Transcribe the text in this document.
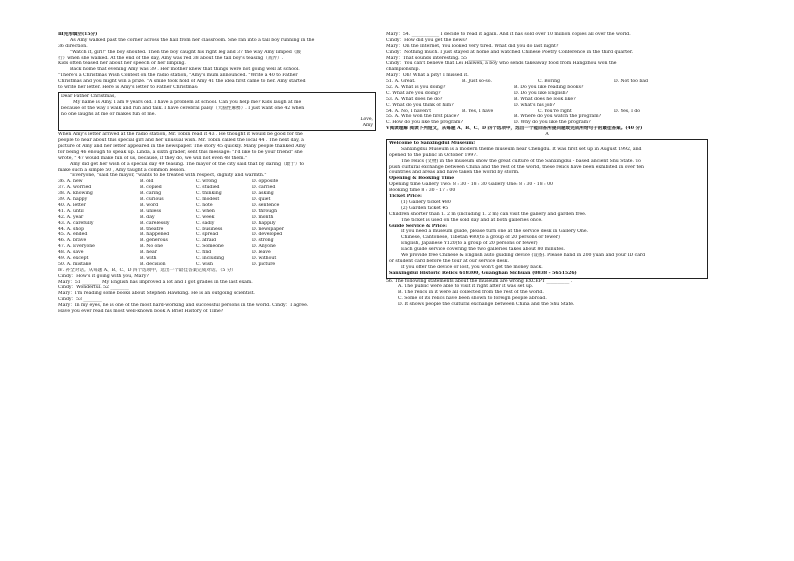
Ⅲ完形填空(15分)
As Amy walked past the corner across the hall from her classroom. She ran into a tall boy running in the
36 direction.
"Watch it, girl!" the boy shouted. Then the boy caught his right leg and 37 the way Amy limped（跛
行）when she walked. At the end of the day, Amy was red 38 about the tall boy's teasing（戏弄）.
Kids often teased her about her speech or her limping.
Back home that evening Amy was 39 . Her mother knew that things were not going well at school.
"There's a Christmas Wish Contest on the radio station, "Amy's mum announced. "Write a 40 to Father
Christmas and you might win a prize. "A smile took hold of Amy 41 the idea first came to her. Amy started
to write her letter. Here is Amy's letter to Father Christmas:
Dear Father Christmas,
My name is Amy. I am 9 years old. I have a problem at school. Can you help me? Kids laugh at me
because of the way I walk and run and talk. I have cerebral palsy（大脑性麻痹）. I just want one 42 when
no one laughs at me or makes fun of me.
Love,
Amy
When Amy's letter arrived at the radio station, Mr. Tobin read it 43 . He thought it would be good for the
people to hear about this special girl and her unusual wish. Mr. Tobin called the local 44 . The next day, a
picture of Amy and her letter appeared in the newspaper. The story 45 quickly. Many people thanked Amy
for being 46 enough to speak up. Linda, a sixth grader, sent this message: "I'd like to be your friend" she
wrote, " 47 would make fun of us, because, if they do, we will not even 48 them."
Amy did get her wish of a special day 49 teasing. The mayor of the city said that by daring（敢于）to
make such a simple 50 , Amy taught a common lesson.
"Everyone, "said the mayor, "wants to be treated with respect, dignity and warmth."
36. A. new	B. old	C. wrong	D. opposite
37. A. worried	B. copied	C. studied	D. carried
38. A. knowing	B. caring	C. thinking	D. asking
39. A. happy	B. curious	C. modest	D. quiet
40. A. letter	B. word	C. note	D. sentence
41. A. until	B. unless	C. when	D. through
42. A. year	B. day	C. week	D. month
43. A. carefully	B. carelessly	C. sadly	D. happily
44. A. shop	B. theatre	C. business	D. newspaper
45. A. ended	B. happened	C. spread	D. developed
46. A. brave	B. generous	C. afraid	D. strong
47. A. Everyone	B. No one	C. Someone	D. Anyone
48. A. save	B. hear	C. find	D. leave
49. A. except	B. with	C. including	D. without
50. A. mistake	B. decision	C. wish	D. picture
Ⅳ. 补全对话。从每题 A、B、C、D 四个选项中，选出一个最佳答案完成对话。（5 分）
Cindy：How's it going with you, Mary?
Mary：51 ________ My English has improved a lot and I got grades in the last exam.
Cindy：Wonderful. 52 ________
Mary：I'm reading some books about Stephen Hawking. He is an outgoing scientist.
Cindy：53 ________
Mary：In my eyes, he is one of the most hard-working and successful persons in the world. Cindy：I agree.
Have you ever read his most well-known book A Brief History of Time?
Mary：54. ____________ I decide to read it again. And it has sold over 10 million copies all over the world.
Cindy：How did you get the news?
Mary：On the Internet, You looked very tired. What did you do last night?
Cindy：Nothing much. I just stayed at home and watched Chinese Poetry Conference in the third quarter.
Mary：That sounds interesting. 55 ____________
Cindy：You can't believe that Lei Haiwen, a boy who sends takeaway food from Hangzhou won the
championship.
Mary：Oh! What a pity! I missed it.
51. A. Great.	B. Just so-so.	C. Boring	D. Not too bad
52. A. What is you doing?	B. Do you like reading books?
C. What are you doing?	D. Do you like English?
53. A. What does he do?	B. What does he look like?
C. What do you think of him?	D. what's his job?
54. A. No, I haven't	B. Yes, I have	C. You're right	D. Yes, I do
55. A. Who won the first place?	B. Where do you watch the program?
C. How do you like the program?	D. Why do you like the program?
Ⅴ阅读理解 阅读下列短文，从每题 A、B、C、D 四个选项中，选出一个能回答所提问题或完成所给句子的最佳答案。(40 分)
A
Welcome to Sanxingdui Museum!
Sanxingdui Museum is a modern theme museum near Chengdu. It was first set up in August 1992, and
opened to the public in October 1997.
The relics (文物) in the museum show the great culture of the Sanxingdui - based ancient Shu State. To
push cultural exchange between China and the rest of the world, these relics have been exhibited in over ten
countries and areas and have taken the world by storm.
Opening & Booking Time
Opening time Gallery Two: 8 : 30 - 18 : 30 Gallery One: 8 : 30 - 18 : 00
Booking time 8 : 30 - 17 : 00
Ticket Price:
(1) Gallery ticket ¥80
(2) Garden ticket ¥5
Children shorter than 1. 2 m (including 1. 2 m) can visit the gallery and garden free.
The ticket is used on the sold day and at both galleries once.
Guide Service & Price:
If you need a museum guide, please turn one at the service desk in Gallery One.
Chinese, Cantonese, Tibetan ¥80(to a group of 20 persons or fewer)
English, Japanese Y120(to a group of 20 persons or fewer)
Each guide service covering the two galleries takes about 80 minutes.
We provide free Chinese & English auto guiding device (设备). Please hand in 200 yuan and your ID card
or student card before the tour at our service desk.
If you offer the device or lost, you won't get the money back.
Sanxingdui Historic Relics 618300, Guanghan Sichuan (0838 - 5651526)
56. The following statements about the museum are wrong EXCEPT __________ .
A. The public were able to visit it right after it was set up.
B. The relics in it were all collected from the rest of the world.
C. Some of its relics have been shown to foreign people abroad.
D. It shows people the cultural exchange between China and the Shu State.
